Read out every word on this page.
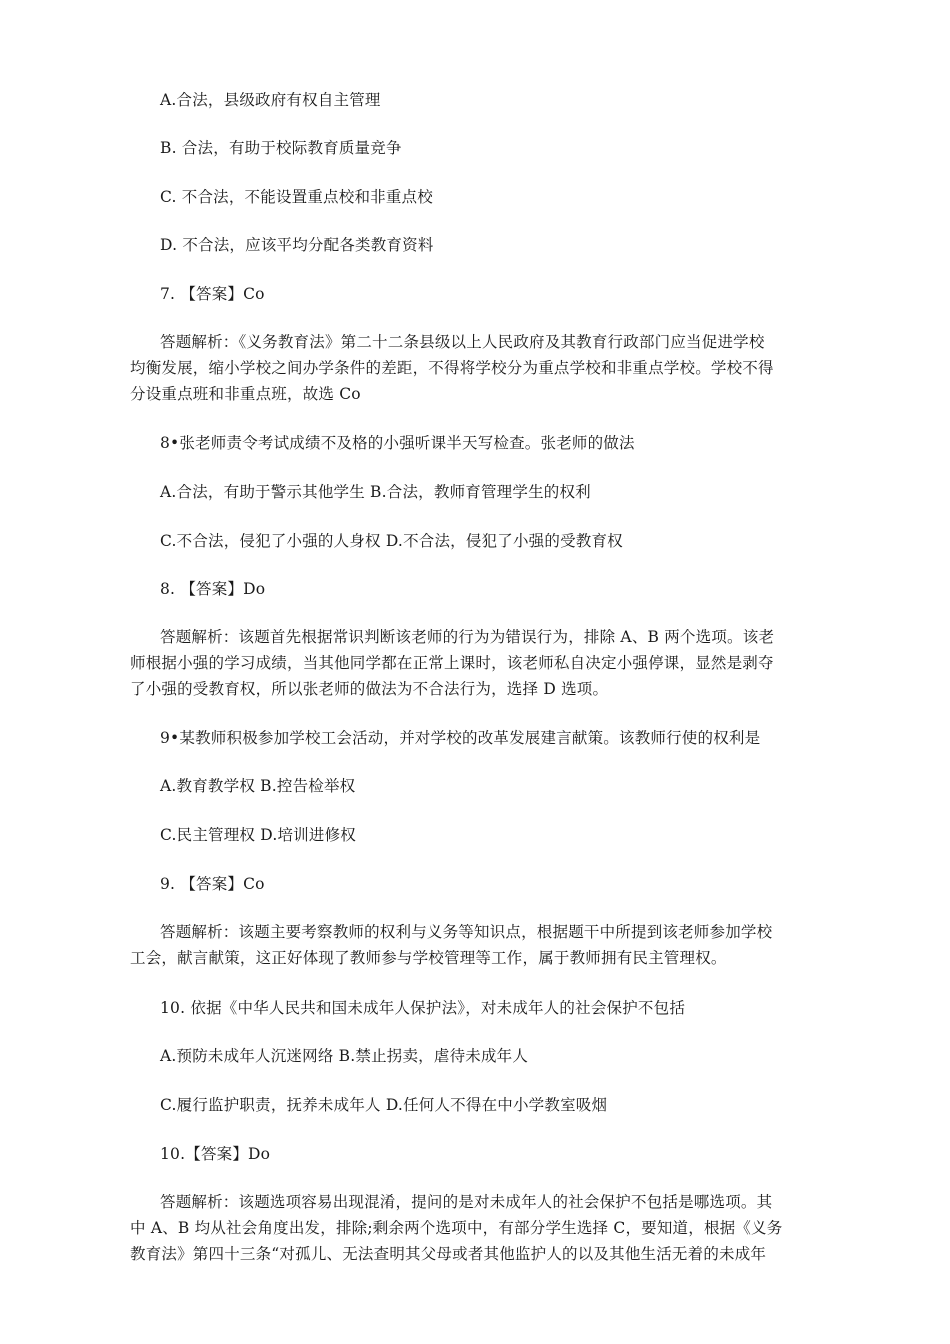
A.合法，县级政府有权自主管理
B. 合法，有助于校际教育质量竞争
C. 不合法，不能设置重点校和非重点校
D. 不合法，应该平均分配各类教育资料
7. 【答案】Co
答题解析：《义务教育法》第二十二条县级以上人民政府及其教育行政部门应当促进学校
均衡发展，缩小学校之间办学条件的差距，不得将学校分为重点学校和非重点学校。学校不得
分设重点班和非重点班，故选 Co
8•张老师责令考试成绩不及格的小强听课半天写检查。张老师的做法
A.合法，有助于警示其他学生 B.合法，教师育管理学生的权利
C.不合法，侵犯了小强的人身权 D.不合法，侵犯了小强的受教育权
8. 【答案】Do
答题解析：该题首先根据常识判断该老师的行为为错误行为，排除 A、B 两个选项。该老
师根据小强的学习成绩，当其他同学都在正常上课时，该老师私自决定小强停课，显然是剥夺
了小强的受教育权，所以张老师的做法为不合法行为，选择 D 选项。
9•某教师积极参加学校工会活动，并对学校的改革发展建言献策。该教师行使的权利是
A.教育教学权 B.控告检举权
C.民主管理权 D.培训进修权
9. 【答案】Co
答题解析：该题主要考察教师的权利与义务等知识点，根据题干中所提到该老师参加学校
工会，献言献策，这正好体现了教师参与学校管理等工作，属于教师拥有民主管理权。
10. 依据《中华人民共和国未成年人保护法》，对未成年人的社会保护不包括
A.预防未成年人沉迷网络 B.禁止拐卖，虐待未成年人
C.履行监护职责，抚养未成年人 D.任何人不得在中小学教室吸烟
10.【答案】Do
答题解析：该题选项容易出现混淆，提问的是对未成年人的社会保护不包括是哪选项。其
中 A、B 均从社会角度出发，排除;剩余两个选项中，有部分学生选择 C，要知道，根据《义务
教育法》第四十三条“对孤儿、无法查明其父母或者其他监护人的以及其他生活无着的未成年
